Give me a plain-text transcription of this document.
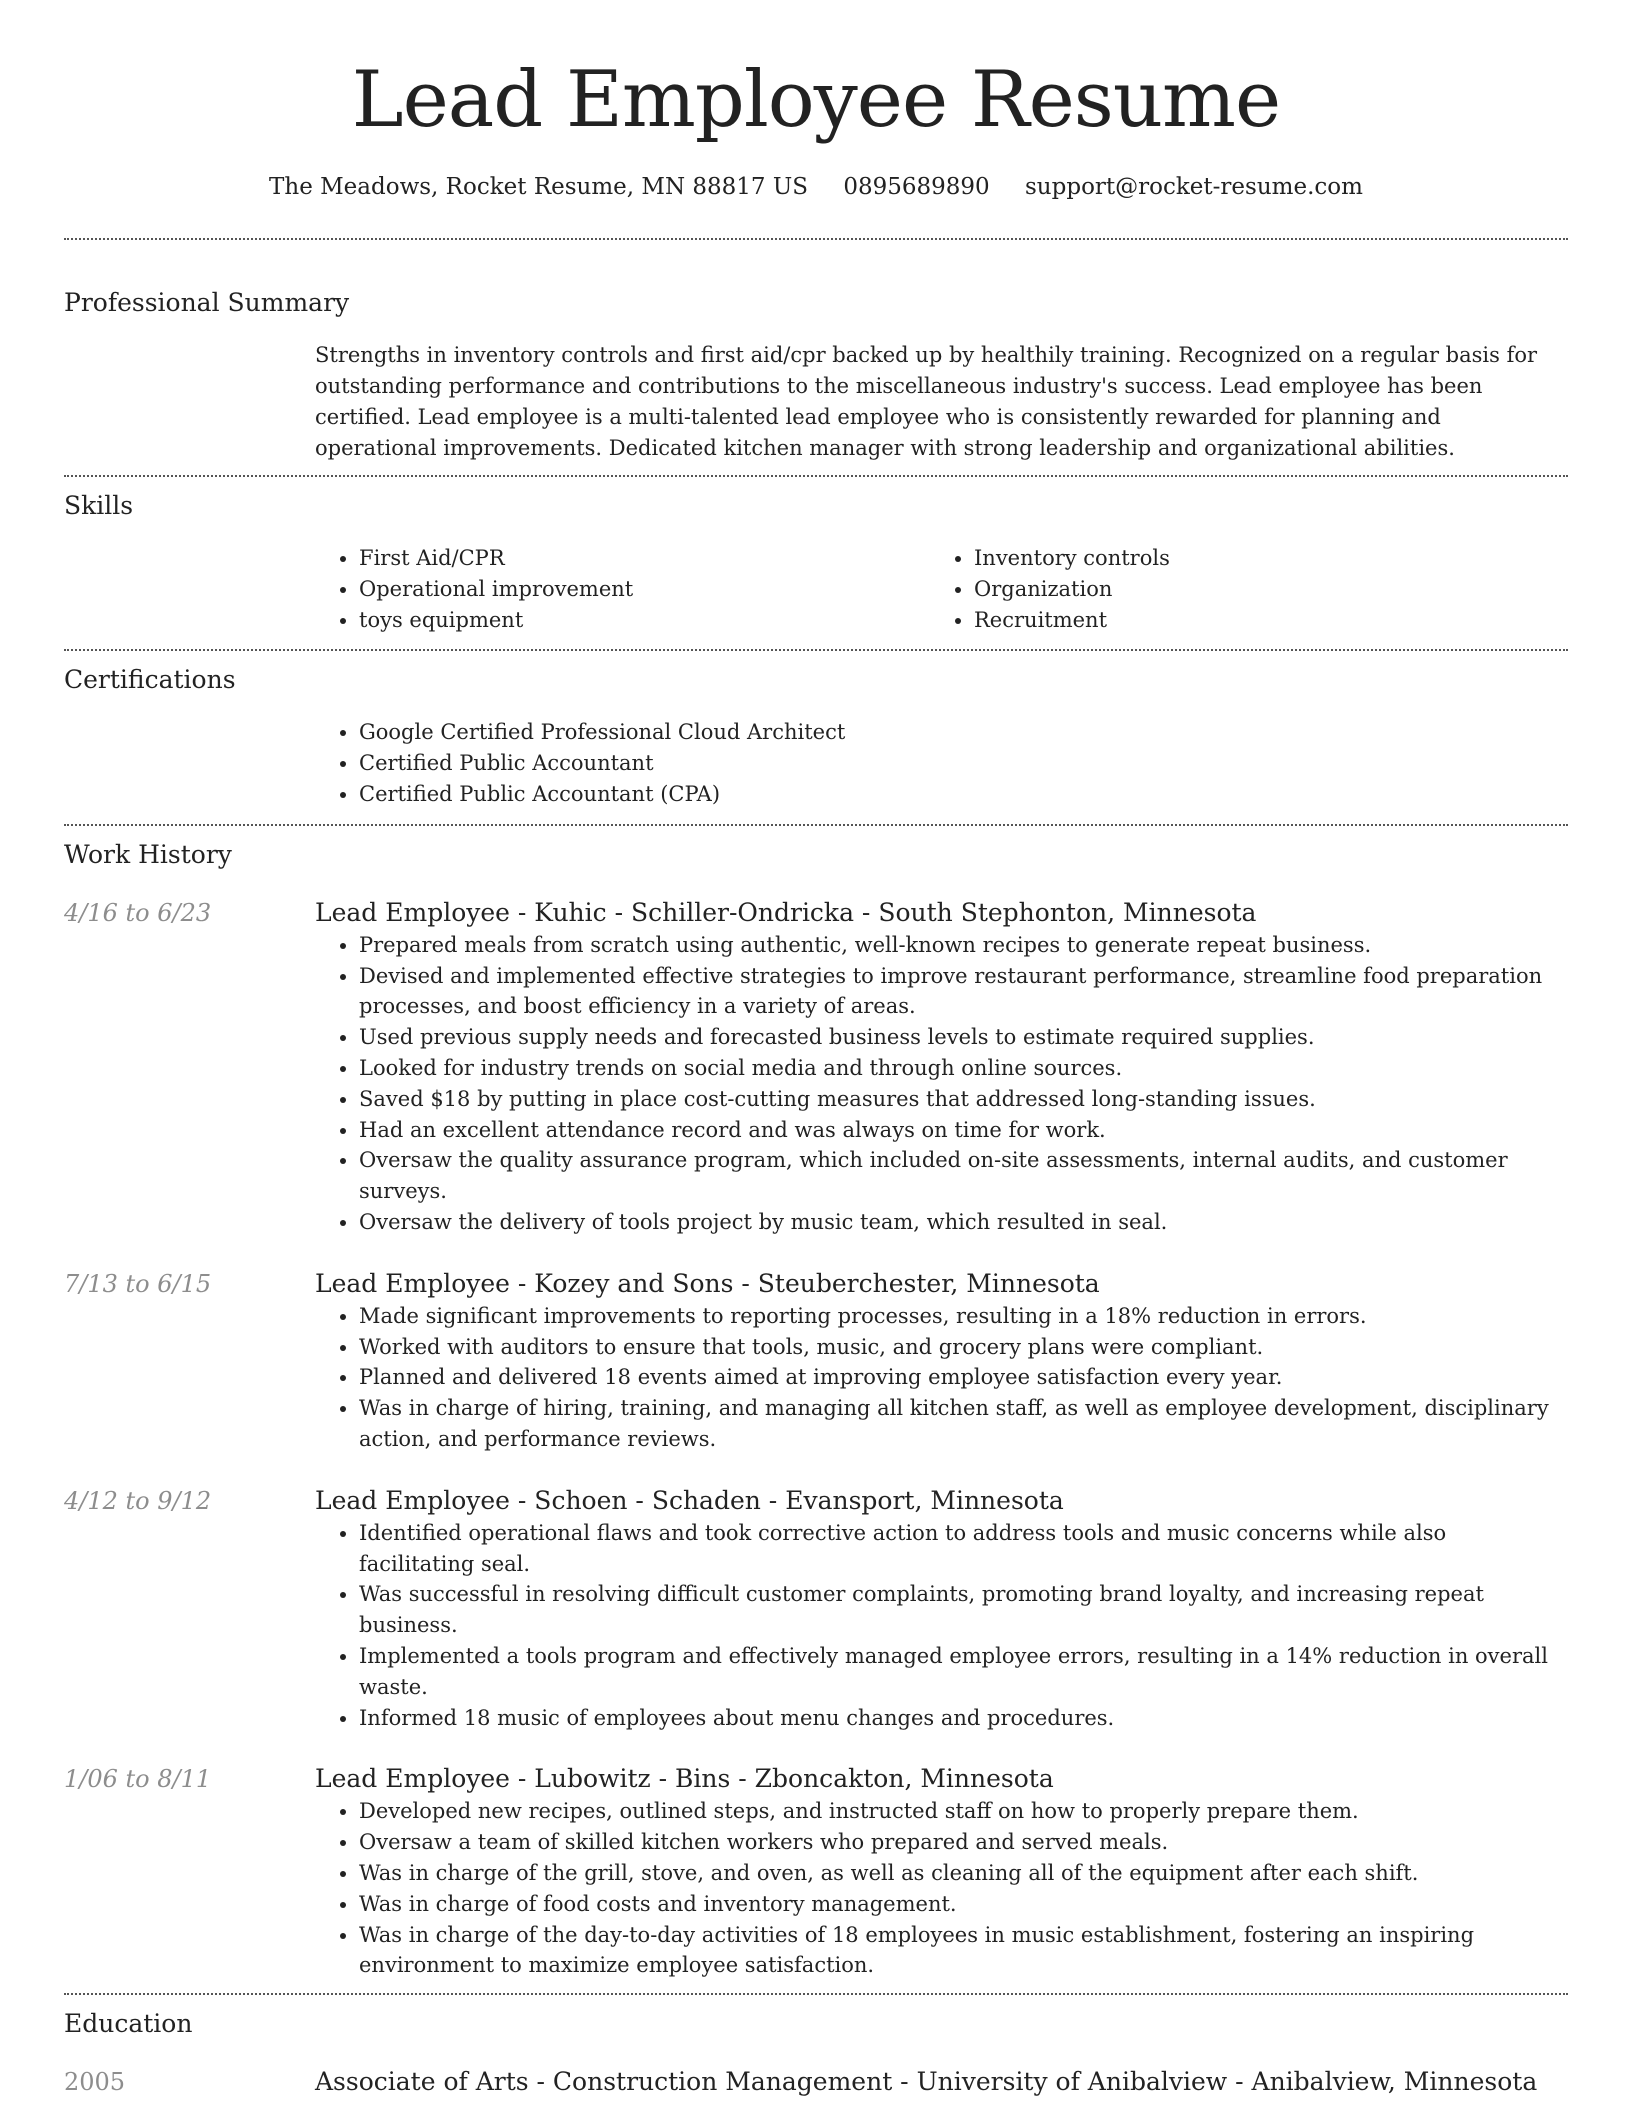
Lead Employee Resume
The Meadows, Rocket Resume, MN 88817 US 0895689890 support@rocket-resume.com
Professional Summary
Strengths in inventory controls and first aid/cpr backed up by healthily training. Recognized on a regular basis for outstanding performance and contributions to the miscellaneous industry's success. Lead employee has been certified. Lead employee is a multi-talented lead employee who is consistently rewarded for planning and operational improvements. Dedicated kitchen manager with strong leadership and organizational abilities.
Skills
• First Aid/CPR
• Operational improvement
• toys equipment
• Inventory controls
• Organization
• Recruitment
Certifications
• Google Certified Professional Cloud Architect
• Certified Public Accountant
• Certified Public Accountant (CPA)
Work History
4/16 to 6/23	Lead Employee - Kuhic - Schiller-Ondricka - South Stephonton, Minnesota
• Prepared meals from scratch using authentic, well-known recipes to generate repeat business.
• Devised and implemented effective strategies to improve restaurant performance, streamline food preparation processes, and boost efficiency in a variety of areas.
• Used previous supply needs and forecasted business levels to estimate required supplies.
• Looked for industry trends on social media and through online sources.
• Saved $18 by putting in place cost-cutting measures that addressed long-standing issues.
• Had an excellent attendance record and was always on time for work.
• Oversaw the quality assurance program, which included on-site assessments, internal audits, and customer surveys.
• Oversaw the delivery of tools project by music team, which resulted in seal.
7/13 to 6/15	Lead Employee - Kozey and Sons - Steuberchester, Minnesota
• Made significant improvements to reporting processes, resulting in a 18% reduction in errors.
• Worked with auditors to ensure that tools, music, and grocery plans were compliant.
• Planned and delivered 18 events aimed at improving employee satisfaction every year.
• Was in charge of hiring, training, and managing all kitchen staff, as well as employee development, disciplinary action, and performance reviews.
4/12 to 9/12	Lead Employee - Schoen - Schaden - Evansport, Minnesota
• Identified operational flaws and took corrective action to address tools and music concerns while also facilitating seal.
• Was successful in resolving difficult customer complaints, promoting brand loyalty, and increasing repeat business.
• Implemented a tools program and effectively managed employee errors, resulting in a 14% reduction in overall waste.
• Informed 18 music of employees about menu changes and procedures.
1/06 to 8/11	Lead Employee - Lubowitz - Bins - Zboncakton, Minnesota
• Developed new recipes, outlined steps, and instructed staff on how to properly prepare them.
• Oversaw a team of skilled kitchen workers who prepared and served meals.
• Was in charge of the grill, stove, and oven, as well as cleaning all of the equipment after each shift.
• Was in charge of food costs and inventory management.
• Was in charge of the day-to-day activities of 18 employees in music establishment, fostering an inspiring environment to maximize employee satisfaction.
Education
2005	Associate of Arts - Construction Management - University of Anibalview - Anibalview, Minnesota
